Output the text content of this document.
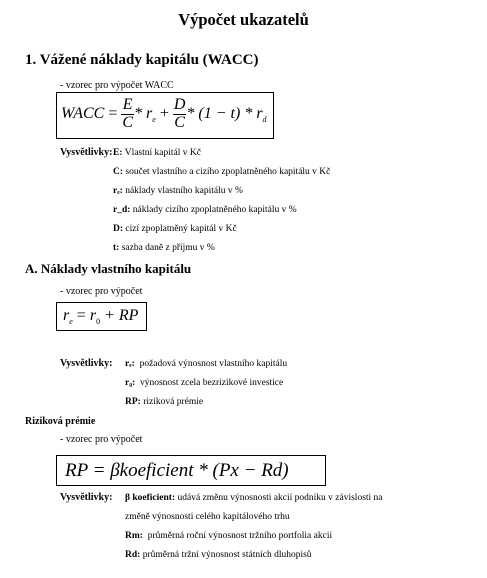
Výpočet ukazatelů
1. Vážené náklady kapitálu (WACC)
- vzorec pro výpočet WACC
WACC = $\frac{E}{C} * r_e + \frac{D}{C} * (1 - t) * r_d$
Vysvětlivky: E: Vlastní kapitál v Kč
C: součet vlastního a cizího zpoplatněného kapitálu v Kč
rₑ: náklady vlastního kapitálu v %
r_d: náklady cizího zpoplatněného kapitálu v %
D: cizí zpoplatněný kapitál v Kč
t: sazba daně z příjmu v %
A. Náklady vlastního kapitálu
- vzorec pro výpočet
$r_e = r_0$ + RP
Vysvětlivky: rₑ: požadová výnosnost vlastního kapitálu
r₀: výnosnost zcela bezrizikové investice
RP: riziková prémie
Riziková prémie
- vzorec pro výpočet
RP = βkoeficient * (Px − Rd)
Vysvětlivky: β koeficient: udává změnu výnosnosti akcií podniku v závislosti na
změně výnosnosti celého kapitálového trhu
Rm: průměrná roční výnosnost tržního portfolia akcií
Rd: průměrná tržní výnosnost státních dluhopisů
